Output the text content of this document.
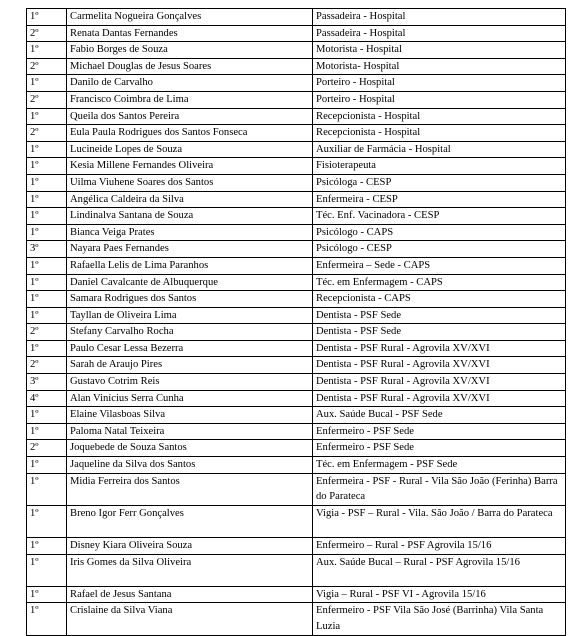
1º	Carmelita Nogueira Gonçalves	Passadeira - Hospital
2º	Renata Dantas Fernandes	Passadeira - Hospital
1º	Fabio Borges de Souza	Motorista - Hospital
2º	Michael Douglas de Jesus Soares	Motorista- Hospital
1º	Danilo de Carvalho	Porteiro - Hospital
2º	Francisco Coimbra de Lima	Porteiro - Hospital
1º	Queila dos Santos Pereira	Recepcionista - Hospital
2º	Eula Paula Rodrigues dos Santos Fonseca	Recepcionista - Hospital
1º	Lucineide Lopes de Souza	Auxiliar de Farmácia - Hospital
1º	Kesia Millene Fernandes Oliveira	Fisioterapeuta
1º	Uilma Viuhene Soares dos Santos	Psicóloga - CESP
1º	Angélica Caldeira da Silva	Enfermeira - CESP
1º	Lindinalva Santana de Souza	Téc. Enf. Vacinadora - CESP
1º	Bianca Veiga Prates	Psicólogo - CAPS
3º	Nayara Paes Fernandes	Psicólogo - CESP
1º	Rafaella Lelis de Lima Paranhos	Enfermeira – Sede - CAPS
1º	Daniel Cavalcante de Albuquerque	Téc. em Enfermagem - CAPS
1º	Samara Rodrigues dos Santos	Recepcionista - CAPS
1º	Tayllan de Oliveira Lima	Dentista - PSF Sede
2º	Stefany Carvalho Rocha	Dentista - PSF Sede
1º	Paulo Cesar Lessa Bezerra	Dentista - PSF Rural - Agrovila XV/XVI
2º	Sarah de Araujo Pires	Dentista - PSF Rural - Agrovila XV/XVI
3º	Gustavo Cotrim Reis	Dentista - PSF Rural - Agrovila XV/XVI
4º	Alan Vinícius Serra Cunha	Dentista - PSF Rural - Agrovila XV/XVI
1º	Elaine Vilasboas Silva	Aux. Saúde Bucal - PSF Sede
1º	Paloma Natal Teixeira	Enfermeiro - PSF Sede
2º	Joquebede de Souza Santos	Enfermeiro - PSF Sede
1º	Jaqueline da Silva dos Santos	Téc. em Enfermagem - PSF Sede
1º	Midia Ferreira dos Santos	Enfermeira - PSF - Rural - Vila São João (Ferinha) Barra do Parateca
1º	Breno Igor Ferr Gonçalves	Vigia - PSF – Rural - Vila. São João / Barra do Parateca
1º	Disney Kiara Oliveira Souza	Enfermeiro – Rural - PSF Agrovila 15/16
1º	Iris Gomes da Silva Oliveira	Aux. Saúde Bucal – Rural - PSF Agrovila 15/16
1º	Rafael de Jesus Santana	Vigia – Rural - PSF VI - Agrovila 15/16
1º	Crislaine da Silva Viana	Enfermeiro - PSF Vila São José (Barrinha) Vila Santa Luzia
